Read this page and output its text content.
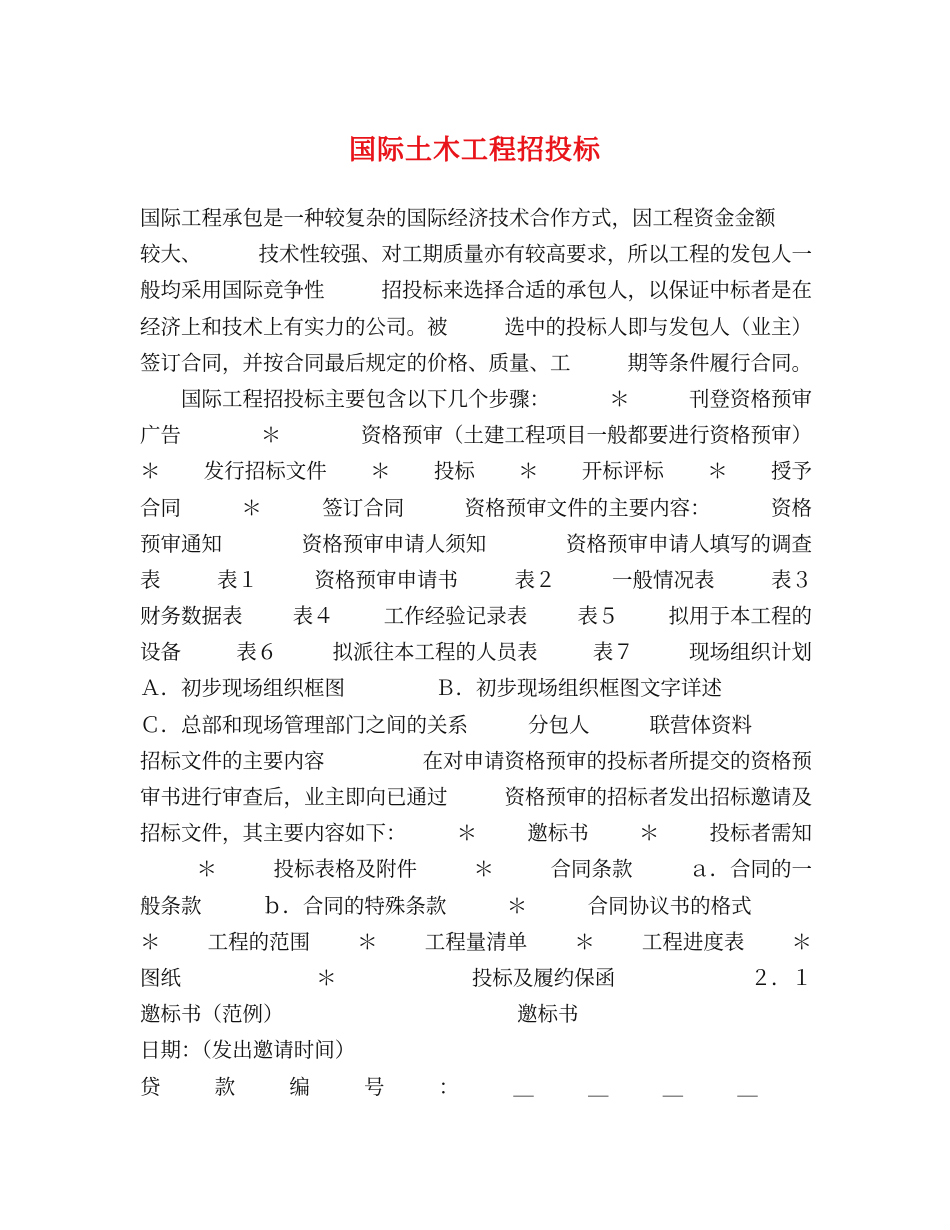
国际土木工程招投标
国际工程承包是一种较复杂的国际经济技术合作方式，因工程资金金额
较大、	技术性较强、对工期质量亦有较高要求，所以工程的发包人一
般均采用国际竞争性	招投标来选择合适的承包人，以保证中标者是在
经济上和技术上有实力的公司。被	选中的投标人即与发包人（业主）
签订合同，并按合同最后规定的价格、质量、工	期等条件履行合同。
　　国际工程招投标主要包含以下几个步骤：	＊	刊登资格预审
广告	＊	资格预审（土建工程项目一般都要进行资格预审）
＊ 发行招标文件 ＊ 投标 ＊ 开标评标 ＊ 授予
合同	＊	签订合同	资格预审文件的主要内容：	资格
预审通知	资格预审申请人须知	资格预审申请人填写的调查
表	表１	资格预审申请书	表２	一般情况表	表３
财务数据表 表４ 工作经验记录表 表５ 拟用于本工程的
设备	表６	拟派往本工程的人员表	表７	现场组织计划
Ａ．初步现场组织框图	Ｂ．初步现场组织框图文字详述
Ｃ．总部和现场管理部门之间的关系	分包人	联营体资料
招标文件的主要内容	在对申请资格预审的投标者所提交的资格预
审书进行审查后，业主即向已通过	资格预审的招标者发出招标邀请及
招标文件，其主要内容如下： ＊ 邀标书 ＊ 投标者需知
＊	投标表格及附件	＊	合同条款	ａ．合同的一
般条款	ｂ．合同的特殊条款	＊	合同协议书的格式
＊ 工程的范围 ＊ 工程量清单 ＊ 工程进度表 ＊
图纸	＊	投标及履约保函	２．１
邀标书（范例）	邀标书
日期：（发出邀请时间）
贷	款	编	号	：	＿	＿	＿	＿
